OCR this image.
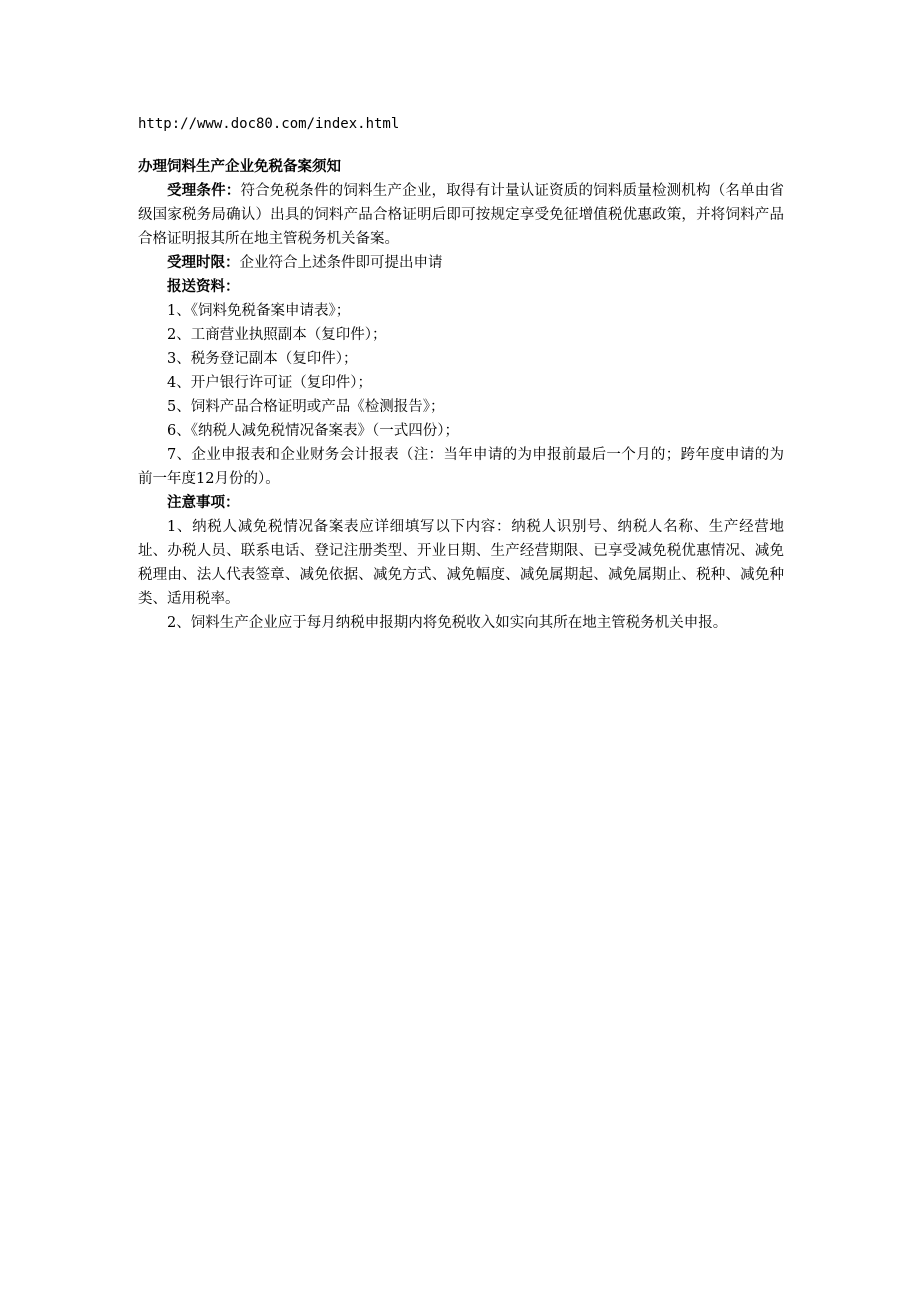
http://www.doc80.com/index.html
办理饲料生产企业免税备案须知

受理条件：符合免税条件的饲料生产企业，取得有计量认证资质的饲料质量检测机构（名单由省级国家税务局确认）出具的饲料产品合格证明后即可按规定享受免征增值税优惠政策，并将饲料产品合格证明报其所在地主管税务机关备案。

受理时限：企业符合上述条件即可提出申请

报送资料：

1、《饲料免税备案申请表》；

2、工商营业执照副本（复印件）；

3、税务登记副本（复印件）；

4、开户银行许可证（复印件）；

5、饲料产品合格证明或产品《检测报告》；

6、《纳税人减免税情况备案表》（一式四份）；

7、企业申报表和企业财务会计报表（注：当年申请的为申报前最后一个月的；跨年度申请的为前一年度12月份的）。

注意事项：

1、纳税人减免税情况备案表应详细填写以下内容：纳税人识别号、纳税人名称、生产经营地址、办税人员、联系电话、登记注册类型、开业日期、生产经营期限、已享受减免税优惠情况、减免税理由、法人代表签章、减免依据、减免方式、减免幅度、减免属期起、减免属期止、税种、减免种类、适用税率。

2、饲料生产企业应于每月纳税申报期内将免税收入如实向其所在地主管税务机关申报。
